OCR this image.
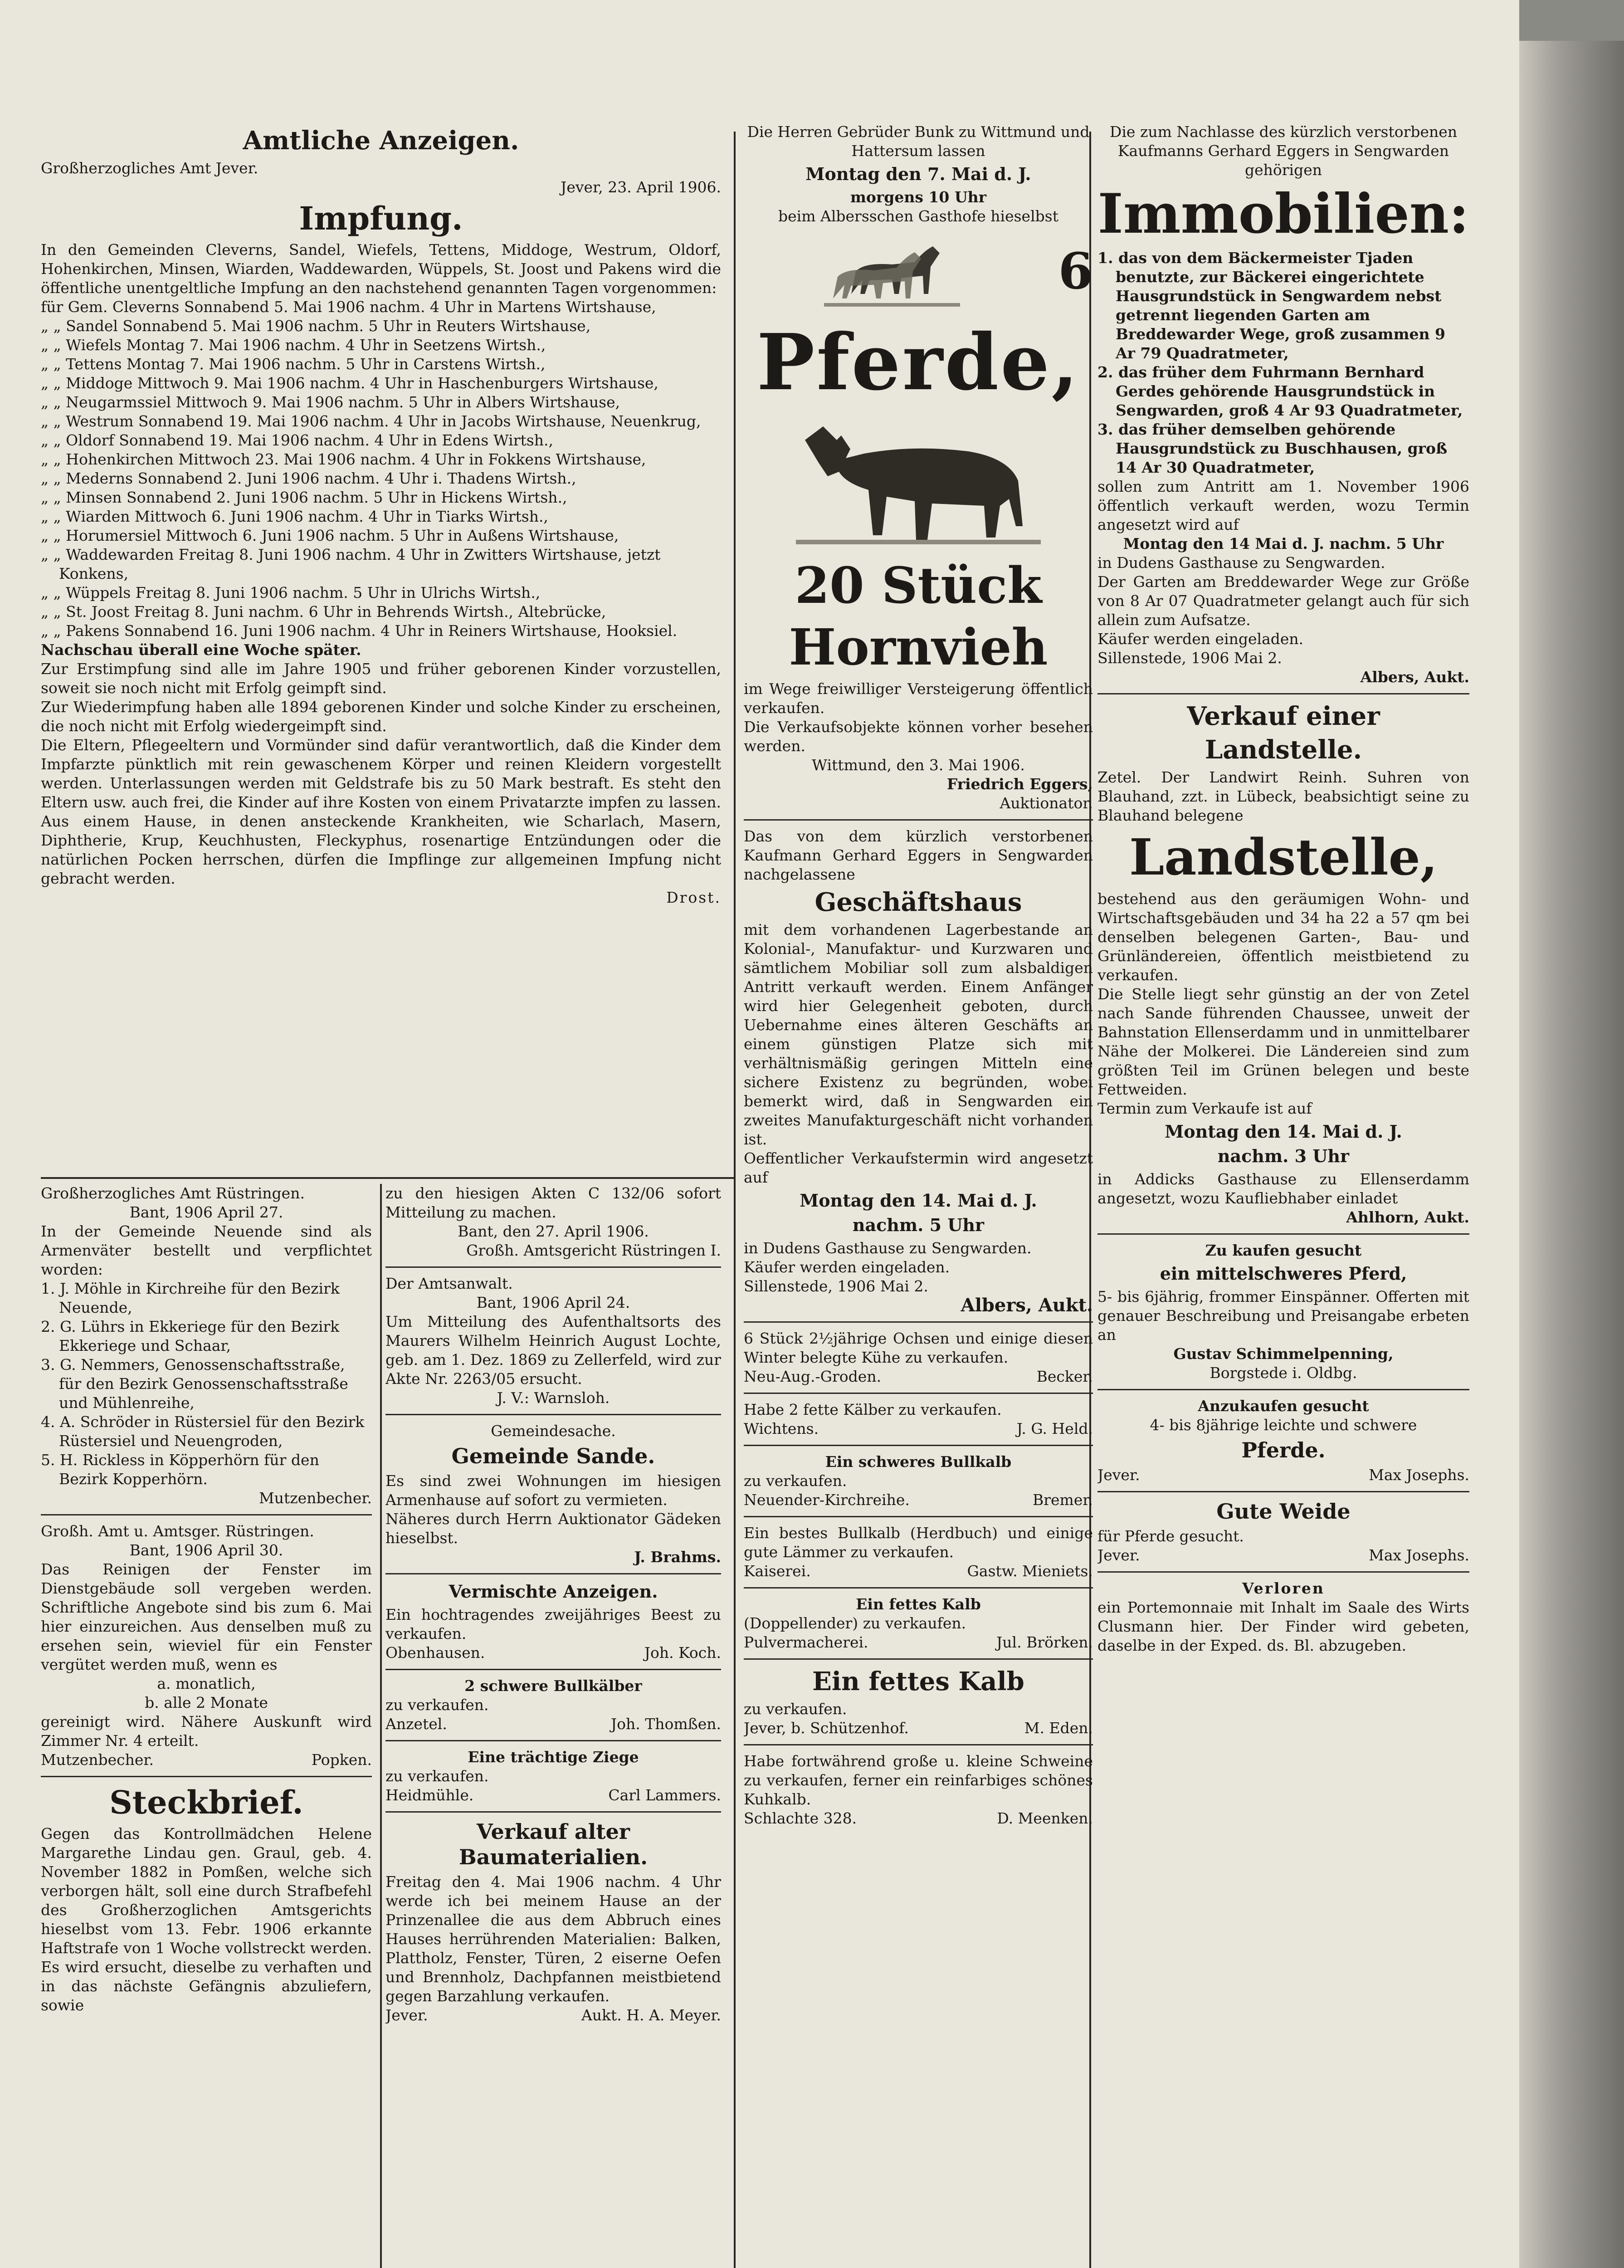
Amtliche Anzeigen.

Großherzogliches Amt Jever.

Jever, 23. April 1906.

Impfung.

In den Gemeinden Cleverns, Sandel, Wiefels, Tettens, Middoge, Westrum, Oldorf, Hohenkirchen, Minsen, Wiarden, Waddewarden, Wüppels, St. Joost und Pakens wird die öffentliche unentgeltliche Impfung an den nachstehend genannten Tagen vorgenommen:

für Gem. Cleverns Sonnabend 5. Mai 1906 nachm. 4 Uhr in Martens Wirtshause,
„ „ Sandel Sonnabend 5. Mai 1906 nachm. 5 Uhr in Reuters Wirtshause,
„ „ Wiefels Montag 7. Mai 1906 nachm. 4 Uhr in Seetzens Wirtsh.,
„ „ Tettens Montag 7. Mai 1906 nachm. 5 Uhr in Carstens Wirtsh.,
„ „ Middoge Mittwoch 9. Mai 1906 nachm. 4 Uhr in Haschenburgers Wirtshause,
„ „ Neugarmssiel Mittwoch 9. Mai 1906 nachm. 5 Uhr in Albers Wirtshause,
„ „ Westrum Sonnabend 19. Mai 1906 nachm. 4 Uhr in Jacobs Wirtshause, Neuenkrug,
„ „ Oldorf Sonnabend 19. Mai 1906 nachm. 4 Uhr in Edens Wirtsh.,
„ „ Hohenkirchen Mittwoch 23. Mai 1906 nachm. 4 Uhr in Fokkens Wirtshause,
„ „ Mederns Sonnabend 2. Juni 1906 nachm. 4 Uhr i. Thadens Wirtsh.,
„ „ Minsen Sonnabend 2. Juni 1906 nachm. 5 Uhr in Hickens Wirtsh.,
„ „ Wiarden Mittwoch 6. Juni 1906 nachm. 4 Uhr in Tiarks Wirtsh.,
„ „ Horumersiel Mittwoch 6. Juni 1906 nachm. 5 Uhr in Außens Wirtshause,
„ „ Waddewarden Freitag 8. Juni 1906 nachm. 4 Uhr in Zwitters Wirtshause, jetzt Konkens,
„ „ Wüppels Freitag 8. Juni 1906 nachm. 5 Uhr in Ulrichs Wirtsh.,
„ „ St. Joost Freitag 8. Juni nachm. 6 Uhr in Behrends Wirtsh., Altebrücke,
„ „ Pakens Sonnabend 16. Juni 1906 nachm. 4 Uhr in Reiners Wirtshause, Hooksiel.

Nachschau überall eine Woche später.

Zur Erstimpfung sind alle im Jahre 1905 und früher geborenen Kinder vorzustellen, soweit sie noch nicht mit Erfolg geimpft sind.

Zur Wiederimpfung haben alle 1894 geborenen Kinder und solche Kinder zu erscheinen, die noch nicht mit Erfolg wiedergeimpft sind.

Die Eltern, Pflegeeltern und Vormünder sind dafür verantwortlich, daß die Kinder dem Impfarzte pünktlich mit rein gewaschenem Körper und reinen Kleidern vorgestellt werden. Unterlassungen werden mit Geldstrafe bis zu 50 Mark bestraft. Es steht den Eltern usw. auch frei, die Kinder auf ihre Kosten von einem Privatarzte impfen zu lassen. Aus einem Hause, in denen ansteckende Krankheiten, wie Scharlach, Masern, Diphtherie, Krup, Keuchhusten, Fleckyphus, rosenartige Entzündungen oder die natürlichen Pocken herrschen, dürfen die Impflinge zur allgemeinen Impfung nicht gebracht werden.

Drost.

Großherzogliches Amt Rüstringen.

Bant, 1906 April 27.

In der Gemeinde Neuende sind als Armenväter bestellt und verpflichtet worden:

1. J. Möhle in Kirchreihe für den Bezirk Neuende,
2. G. Lührs in Ekkeriege für den Bezirk Ekkeriege und Schaar,
3. G. Nemmers, Genossenschaftsstraße, für den Bezirk Genossenschaftsstraße und Mühlenreihe,
4. A. Schröder in Rüstersiel für den Bezirk Rüstersiel und Neuengroden,
5. H. Rickless in Köpperhörn für den Bezirk Kopperhörn.

Mutzenbecher.

Großh. Amt u. Amtsger. Rüstringen.

Bant, 1906 April 30.

Das Reinigen der Fenster im Dienstgebäude soll vergeben werden. Schriftliche Angebote sind bis zum 6. Mai hier einzureichen. Aus denselben muß zu ersehen sein, wieviel für ein Fenster vergütet werden muß, wenn es

a. monatlich,

b. alle 2 Monate

gereinigt wird. Nähere Auskunft wird Zimmer Nr. 4 erteilt.

Mutzenbecher.	Popken.
Steckbrief.

Gegen das Kontrollmädchen Helene Margarethe Lindau gen. Graul, geb. 4. November 1882 in Pomßen, welche sich verborgen hält, soll eine durch Strafbefehl des Großherzoglichen Amtsgerichts hieselbst vom 13. Febr. 1906 erkannte Haftstrafe von 1 Woche vollstreckt werden. Es wird ersucht, dieselbe zu verhaften und in das nächste Gefängnis abzuliefern, sowie

zu den hiesigen Akten C 132/06 sofort Mitteilung zu machen.

Bant, den 27. April 1906.

Großh. Amtsgericht Rüstringen I.

Der Amtsanwalt.

Bant, 1906 April 24.

Um Mitteilung des Aufenthaltsorts des Maurers Wilhelm Heinrich August Lochte, geb. am 1. Dez. 1869 zu Zellerfeld, wird zur Akte Nr. 2263/05 ersucht.

J. V.: Warnsloh.

Gemeindesache.

Gemeinde Sande.

Es sind zwei Wohnungen im hiesigen Armenhause auf sofort zu vermieten.

Näheres durch Herrn Auktionator Gädeken hieselbst.

J. Brahms.

Vermischte Anzeigen.

Ein hochtragendes zweijähriges Beest zu verkaufen.

Obenhausen.	Joh. Koch.

2 schwere Bullkälber

zu verkaufen.

Anzetel.	Joh. Thomßen.

Eine trächtige Ziege

zu verkaufen.

Heidmühle.	Carl Lammers.
Verkauf alter Baumaterialien.

Freitag den 4. Mai 1906 nachm. 4 Uhr werde ich bei meinem Hause an der Prinzenallee die aus dem Abbruch eines Hauses herrührenden Materialien: Balken, Plattholz, Fenster, Türen, 2 eiserne Oefen und Brennholz, Dachpfannen meistbietend gegen Barzahlung verkaufen.

Jever.	Aukt. H. A. Meyer.

Die Herren Gebrüder Bunk zu Wittmund und Hattersum lassen

Montag den 7. Mai d. J.

morgens 10 Uhr

beim Albersschen Gasthofe hieselbst

6
Pferde,
20 Stück
Hornvieh

im Wege freiwilliger Versteigerung öffentlich verkaufen.

Die Verkaufsobjekte können vorher besehen werden.

Wittmund, den 3. Mai 1906.

Friedrich Eggers,

Auktionator.

Das von dem kürzlich verstorbenen Kaufmann Gerhard Eggers in Sengwarden nachgelassene

Geschäftshaus

mit dem vorhandenen Lagerbestande an Kolonial-, Manufaktur- und Kurzwaren und sämtlichem Mobiliar soll zum alsbaldigen Antritt verkauft werden. Einem Anfänger wird hier Gelegenheit geboten, durch Uebernahme eines älteren Geschäfts an einem günstigen Platze sich mit verhältnismäßig geringen Mitteln eine sichere Existenz zu begründen, wobei bemerkt wird, daß in Sengwarden ein zweites Manufakturgeschäft nicht vorhanden ist.

Oeffentlicher Verkaufstermin wird angesetzt auf

Montag den 14. Mai d. J.
nachm. 5 Uhr

in Dudens Gasthause zu Sengwarden.

Käufer werden eingeladen.

Sillenstede, 1906 Mai 2.

Albers, Aukt.

6 Stück 2½jährige Ochsen und einige diesen Winter belegte Kühe zu verkaufen.

Neu-Aug.-Groden.	Becker.

Habe 2 fette Kälber zu verkaufen.

Wichtens.	J. G. Held.

Ein schweres Bullkalb

zu verkaufen.

Neuender-Kirchreihe.	Bremer.

Ein bestes Bullkalb (Herdbuch) und einige gute Lämmer zu verkaufen.

Kaiserei.	Gastw. Mieniets.

Ein fettes Kalb

(Doppellender) zu verkaufen.

Pulvermacherei.	Jul. Brörken.
Ein fettes Kalb

zu verkaufen.

Jever, b. Schützenhof.	M. Eden.

Habe fortwährend große u. kleine Schweine zu verkaufen, ferner ein reinfarbiges schönes Kuhkalb.

Schlachte 328.	D. Meenken.

Die zum Nachlasse des kürzlich verstorbenen Kaufmanns Gerhard Eggers in Sengwarden gehörigen

Immobilien:
1. das von dem Bäckermeister Tjaden benutzte, zur Bäckerei eingerichtete Hausgrundstück in Sengwardem nebst getrennt liegenden Garten am Breddewarder Wege, groß zusammen 9 Ar 79 Quadratmeter,
2. das früher dem Fuhrmann Bernhard Gerdes gehörende Hausgrundstück in Sengwarden, groß 4 Ar 93 Quadratmeter,
3. das früher demselben gehörende Hausgrundstück zu Buschhausen, groß 14 Ar 30 Quadratmeter,

sollen zum Antritt am 1. November 1906 öffentlich verkauft werden, wozu Termin angesetzt wird auf

Montag den 14 Mai d. J. nachm. 5 Uhr

in Dudens Gasthause zu Sengwarden.

Der Garten am Breddewarder Wege zur Größe von 8 Ar 07 Quadratmeter gelangt auch für sich allein zum Aufsatze.

Käufer werden eingeladen.

Sillenstede, 1906 Mai 2.

Albers, Aukt.

Verkauf einer
Landstelle.

Zetel. Der Landwirt Reinh. Suhren von Blauhand, zzt. in Lübeck, beabsichtigt seine zu Blauhand belegene

Landstelle,

bestehend aus den geräumigen Wohn- und Wirtschaftsgebäuden und 34 ha 22 a 57 qm bei denselben belegenen Garten-, Bau- und Grünländereien, öffentlich meistbietend zu verkaufen.

Die Stelle liegt sehr günstig an der von Zetel nach Sande führenden Chaussee, unweit der Bahnstation Ellenserdamm und in unmittelbarer Nähe der Molkerei. Die Ländereien sind zum größten Teil im Grünen belegen und beste Fettweiden.

Termin zum Verkaufe ist auf

Montag den 14. Mai d. J.
nachm. 3 Uhr

in Addicks Gasthause zu Ellenserdamm angesetzt, wozu Kaufliebhaber einladet

Ahlhorn, Aukt.

Zu kaufen gesucht

ein mittelschweres Pferd,

5- bis 6jährig, frommer Einspänner. Offerten mit genauer Beschreibung und Preisangabe erbeten an

Gustav Schimmelpenning,

Borgstede i. Oldbg.

Anzukaufen gesucht

4- bis 8jährige leichte und schwere

Pferde.
Jever.	Max Josephs.
Gute Weide

für Pferde gesucht.

Jever.	Max Josephs.

Verloren

ein Portemonnaie mit Inhalt im Saale des Wirts Clusmann hier. Der Finder wird gebeten, daselbe in der Exped. ds. Bl. abzugeben.
